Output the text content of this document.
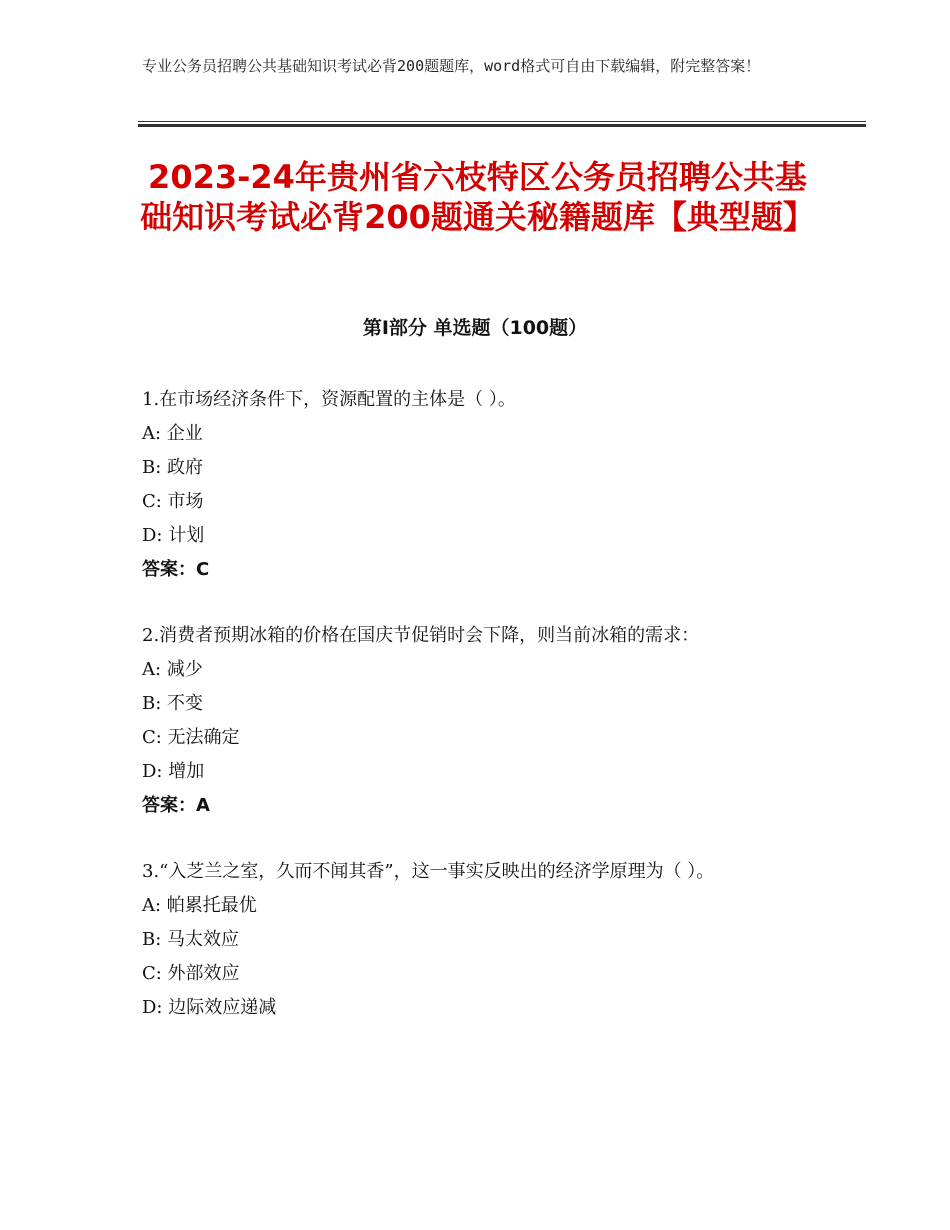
专业公务员招聘公共基础知识考试必背200题题库，word格式可自由下载编辑，附完整答案！
2023-24年贵州省六枝特区公务员招聘公共基础知识考试必背200题通关秘籍题库【典型题】
第Ⅰ部分 单选题（100题）

1.在市场经济条件下，资源配置的主体是（ ）。

A: 企业

B: 政府

C: 市场

D: 计划

答案：C

2.消费者预期冰箱的价格在国庆节促销时会下降，则当前冰箱的需求：

A: 减少

B: 不变

C: 无法确定

D: 增加

答案：A

3.“入芝兰之室，久而不闻其香”，这一事实反映出的经济学原理为（ ）。

A: 帕累托最优

B: 马太效应

C: 外部效应

D: 边际效应递减
